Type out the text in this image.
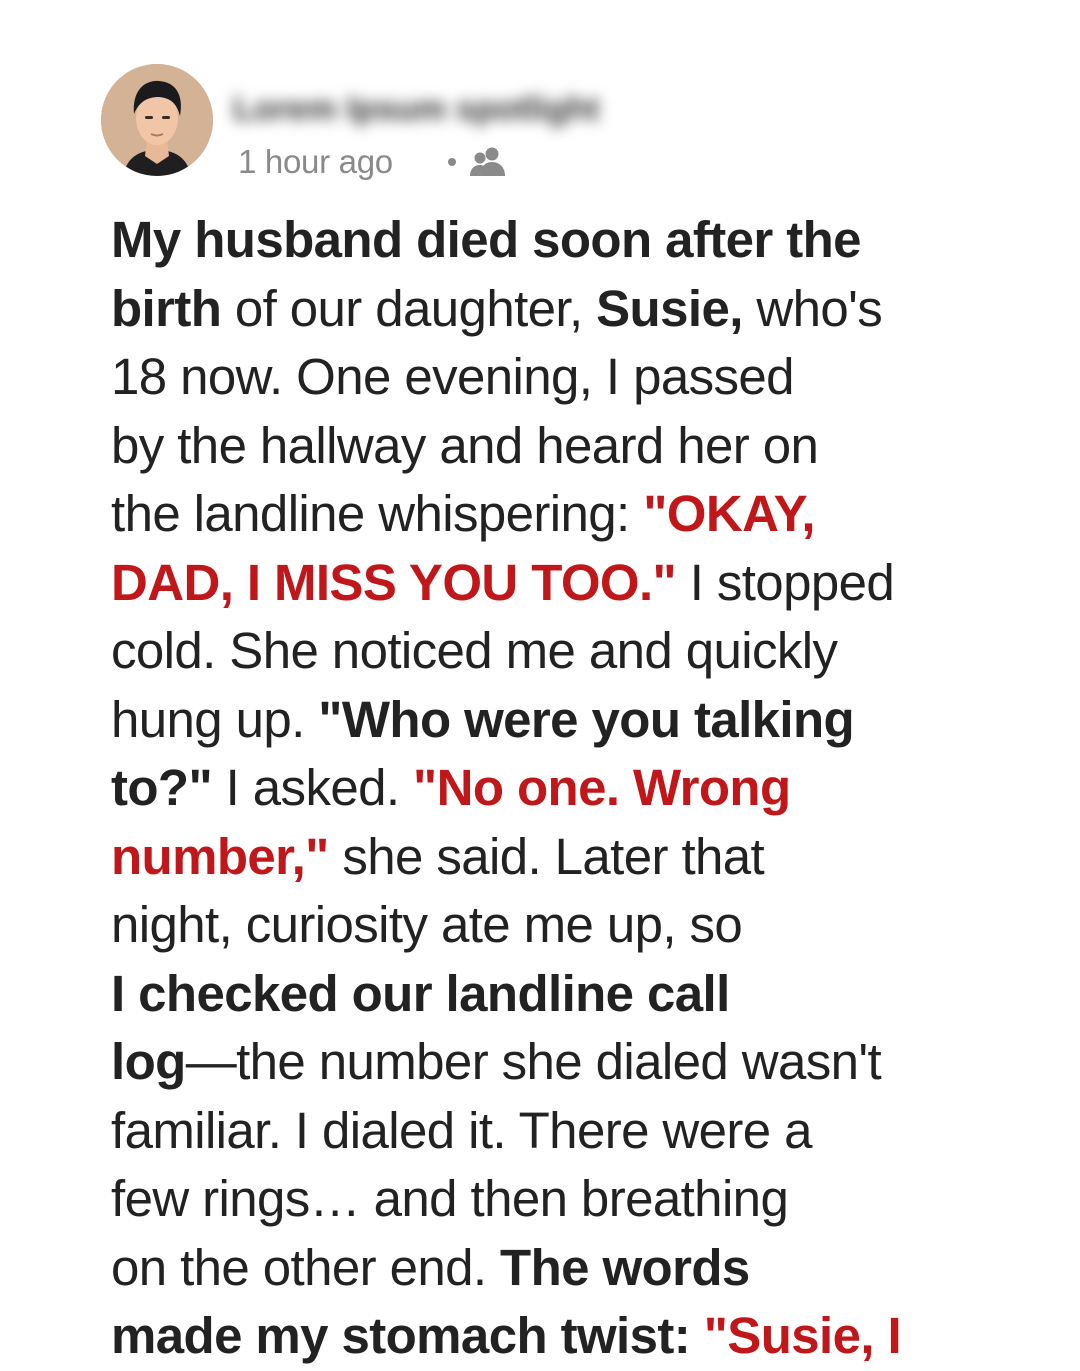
Lorem Ipsum spotlight
1 hour ago
My husband died soon after the
birth of our daughter, Susie, who's
18 now. One evening, I passed
by the hallway and heard her on
the landline whispering: "OKAY,
DAD, I MISS YOU TOO." I stopped
cold. She noticed me and quickly
hung up. "Who were you talking
to?" I asked. "No one. Wrong
number," she said. Later that
night, curiosity ate me up, so
I checked our landline call
log—the number she dialed wasn't
familiar. I dialed it. There were a
few rings… and then breathing
on the other end. The words
made my stomach twist: "Susie, I
